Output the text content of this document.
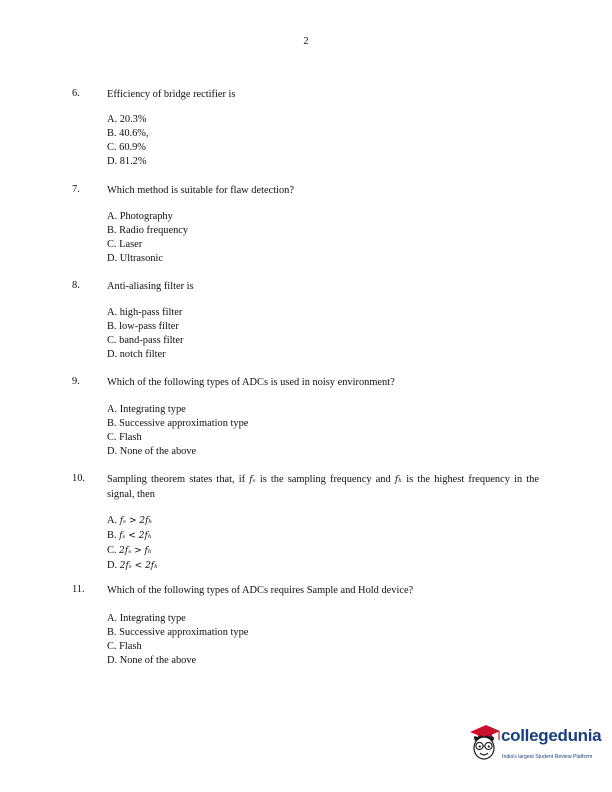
2
6.	Efficiency of bridge rectifier is
A. 20.3%
B. 40.6%,
C. 60.9%
D. 81.2%
7.	Which method is suitable for flaw detection?
A. Photography
B. Radio frequency
C. Laser
D. Ultrasonic
8.	Anti-aliasing filter is
A. high-pass filter
B. low-pass filter
C. band-pass filter
D. notch filter
9.	Which of the following types of ADCs is used in noisy environment?
A. Integrating type
B. Successive approximation type
C. Flash
D. None of the above
10. Sampling theorem states that, if fₛ is the sampling frequency and fₕ is the highest frequency in the signal, then
A. fₛ > 2fₕ
B. fₛ < 2fₕ
C. 2fₛ > fₕ
D. 2fₛ < 2fₕ
11. Which of the following types of ADCs requires Sample and Hold device?
A. Integrating type
B. Successive approximation type
C. Flash
D. None of the above
collegedunia
India's largest Student Review Platform
